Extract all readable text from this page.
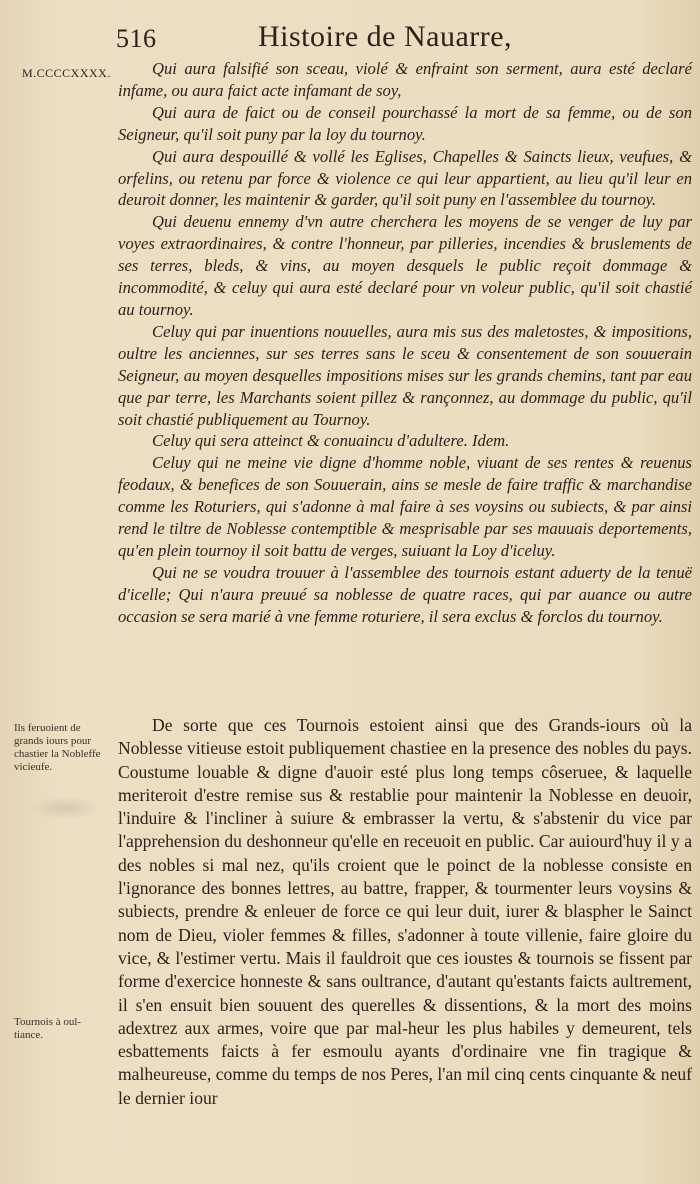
516	Histoire de Nauarre,
M.CCCCXXXX.	Qui aura falsifié son sceau, violé & enfraint son serment, aura esté declaré infame, ou aura faict acte infamant de soy,

Qui aura de faict ou de conseil pourchassé la mort de sa femme, ou de son Seigneur, qu'il soit puny par la loy du tournoy.

Qui aura despouillé & vollé les Eglises, Chapelles & Saincts lieux, veufues, & orfelins, ou retenu par force & violence ce qui leur appartient, au lieu qu'il leur en deuroit donner, les maintenir & garder, qu'il soit puny en l'assemblee du tournoy.

Qui deuenu ennemy d'vn autre cherchera les moyens de se venger de luy par voyes extraordinaires, & contre l'honneur, par pilleries, incendies & bruslements de ses terres, bleds, & vins, au moyen desquels le public reçoit dommage & incommodité, & celuy qui aura esté declaré pour vn voleur public, qu'il soit chastié au tournoy.

Celuy qui par inuentions nouuelles, aura mis sus des maletostes, & impositions, oultre les anciennes, sur ses terres sans le sceu & consentement de son souuerain Seigneur, au moyen desquelles impositions mises sur les grands chemins, tant par eau que par terre, les Marchants soient pillez & rançonnez, au dommage du public, qu'il soit chastié publiquement au Tournoy.

Celuy qui sera atteinct & conuaincu d'adultere. Idem.

Celuy qui ne meine vie digne d'homme noble, viuant de ses rentes & reuenus feodaux, & benefices de son Souuerain, ains se mesle de faire traffic & marchandise comme les Roturiers, qui s'adonne à mal faire à ses voysins ou subiects, & par ainsi rend le tiltre de Noblesse contemptible & mesprisable par ses mauuais deportements, qu'en plein tournoy il soit battu de verges, suiuant la Loy d'iceluy.

Qui ne se voudra trouuer à l'assemblee des tournois estant aduerty de la tenuë d'icelle; Qui n'aura preuué sa noblesse de quatre races, qui par auance ou autre occasion se sera marié à vne femme roturiere, il sera exclus & forclos du tournoy.

Ils feruoient de grands iours pour chastier la Nobleffe vicieufe.
Tournois à oul-tiance.

De sorte que ces Tournois estoient ainsi que des Grands-iours où la Noblesse vitieuse estoit publiquement chastiee en la presence des nobles du pays. Coustume louable & digne d'auoir esté plus long temps côseruee, & laquelle meriteroit d'estre remise sus & restablie pour maintenir la Noblesse en deuoir, l'induire & l'incliner à suiure & embrasser la vertu, & s'abstenir du vice par l'apprehension du deshonneur qu'elle en receuoit en public. Car auiourd'huy il y a des nobles si mal nez, qu'ils croient que le poinct de la noblesse consiste en l'ignorance des bonnes lettres, au battre, frapper, & tourmenter leurs voysins & subiects, prendre & enleuer de force ce qui leur duit, iurer & blaspher le Sainct nom de Dieu, violer femmes & filles, s'adonner à toute villenie, faire gloire du vice, & l'estimer vertu. Mais il fauldroit que ces ioustes & tournois se fissent par forme d'exercice honneste & sans oultrance, d'autant qu'estants faicts aultrement, il s'en ensuit bien souuent des querelles & dissentions, & la mort des moins adextrez aux armes, voire que par mal-heur les plus habiles y demeurent, tels esbattements faicts à fer esmoulu ayants d'ordinaire vne fin tragique & malheureuse, comme du temps de nos Peres, l'an mil cinq cents cinquante & neuf le dernier iour
